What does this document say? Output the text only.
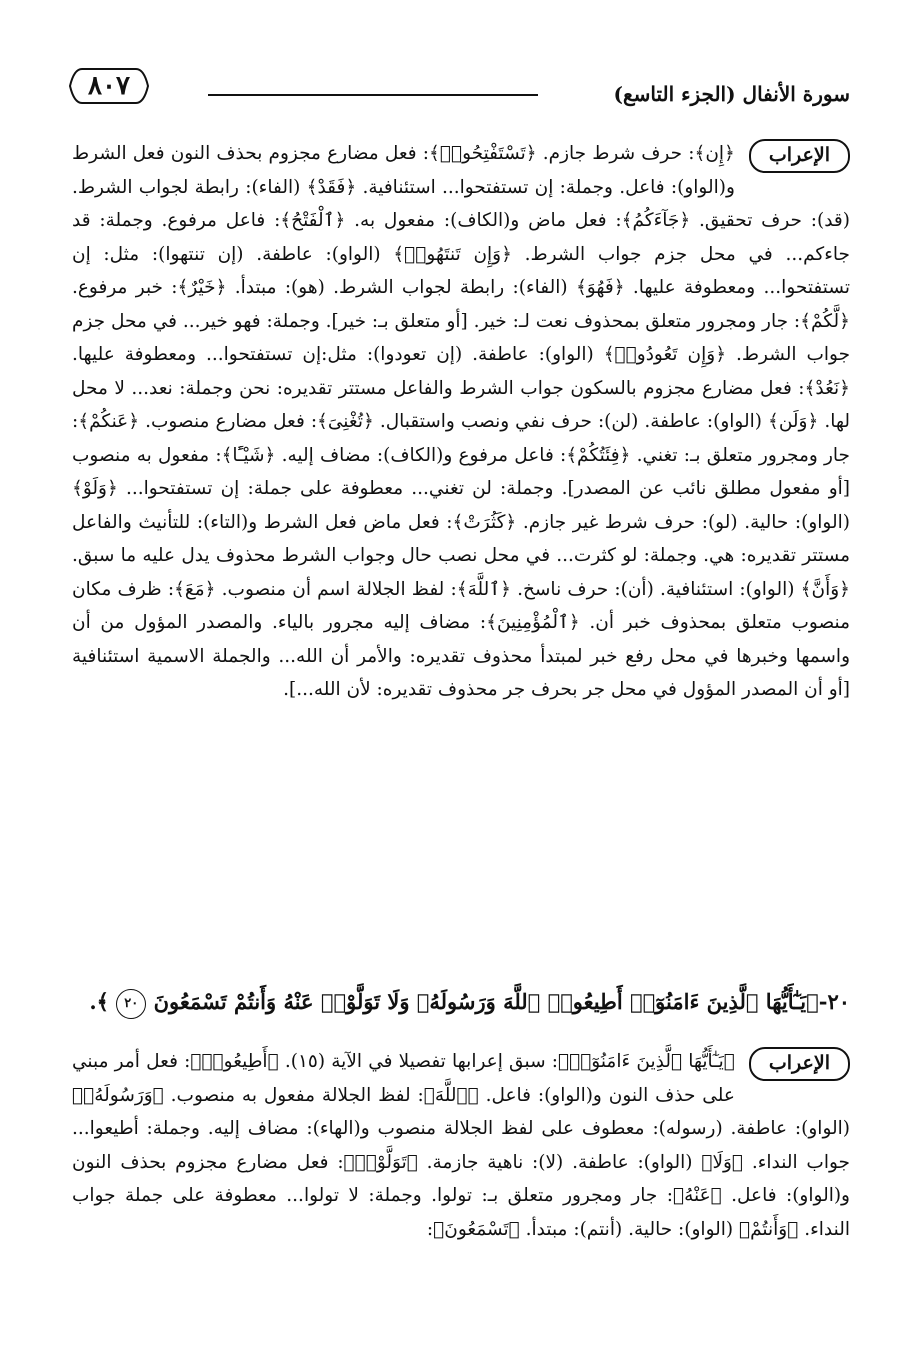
٨٠٧	سورة الأنفال (الجزء التاسع)
الإعراب
﴿إِن﴾: حرف شرط جازم. ﴿تَسْتَفْتِحُوا۟﴾: فعل مضارع مجزوم بحذف النون فعل الشرط و(الواو): فاعل. وجملة: إن تستفتحوا... استئنافية. ﴿فَقَدْ﴾ (الفاء): رابطة لجواب الشرط. (قد): حرف تحقيق. ﴿جَآءَكُمُ﴾: فعل ماض و(الكاف): مفعول به. ﴿ٱلْفَتْحُ﴾: فاعل مرفوع. وجملة: قد جاءكم... في محل جزم جواب الشرط. ﴿وَإِن تَنتَهُوا۟﴾ (الواو): عاطفة. (إن تنتهوا): مثل: إن تستفتحوا... ومعطوفة عليها. ﴿فَهُوَ﴾ (الفاء): رابطة لجواب الشرط. (هو): مبتدأ. ﴿خَيْرٌ﴾: خبر مرفوع. ﴿لَّكُمْ﴾: جار ومجرور متعلق بمحذوف نعت لـ: خير. [أو متعلق بـ: خير]. وجملة: فهو خير... في محل جزم جواب الشرط. ﴿وَإِن تَعُودُوا۟﴾ (الواو): عاطفة. (إن تعودوا): مثل:إن تستفتحوا... ومعطوفة عليها. ﴿نَعُدْ﴾: فعل مضارع مجزوم بالسكون جواب الشرط والفاعل مستتر تقديره: نحن وجملة: نعد... لا محل لها. ﴿وَلَن﴾ (الواو): عاطفة. (لن): حرف نفي ونصب واستقبال. ﴿تُغْنِىَ﴾: فعل مضارع منصوب. ﴿عَنكُمْ﴾: جار ومجرور متعلق بـ: تغني. ﴿فِئَتُكُمْ﴾: فاعل مرفوع و(الكاف): مضاف إليه. ﴿شَيْـًٔا﴾: مفعول به منصوب [أو مفعول مطلق نائب عن المصدر]. وجملة: لن تغني... معطوفة على جملة: إن تستفتحوا... ﴿وَلَوْ﴾ (الواو): حالية. (لو): حرف شرط غير جازم. ﴿كَثُرَتْ﴾: فعل ماض فعل الشرط و(التاء): للتأنيث والفاعل مستتر تقديره: هي. وجملة: لو كثرت... في محل نصب حال وجواب الشرط محذوف يدل عليه ما سبق. ﴿وَأَنَّ﴾ (الواو): استئنافية. (أن): حرف ناسخ. ﴿ٱللَّهَ﴾: لفظ الجلالة اسم أن منصوب. ﴿مَعَ﴾: ظرف مكان منصوب متعلق بمحذوف خبر أن. ﴿ٱلْمُؤْمِنِينَ﴾: مضاف إليه مجرور بالياء. والمصدر المؤول من أن واسمها وخبرها في محل رفع خبر لمبتدأ محذوف تقديره: والأمر أن الله... والجملة الاسمية استئنافية [أو أن المصدر المؤول في محل جر بحرف جر محذوف تقديره: لأن الله...].
٢٠-﴿يَـٰٓأَيُّهَا ٱلَّذِينَ ءَامَنُوٓا۟ أَطِيعُوا۟ ٱللَّهَ وَرَسُولَهُۥ وَلَا تَوَلَّوْا۟ عَنْهُ وَأَنتُمْ تَسْمَعُونَ ٢٠ ﴾.
الإعراب
﴿يَـٰٓأَيُّهَا ٱلَّذِينَ ءَامَنُوٓا۟﴾: سبق إعرابها تفصيلا في الآية (١٥). ﴿أَطِيعُوا۟﴾: فعل أمر مبني على حذف النون و(الواو): فاعل. ﴿ٱللَّهَ﴾: لفظ الجلالة مفعول به منصوب. ﴿وَرَسُولَهُۥ﴾ (الواو): عاطفة. (رسوله): معطوف على لفظ الجلالة منصوب و(الهاء): مضاف إليه. وجملة: أطيعوا... جواب النداء. ﴿وَلَا﴾ (الواو): عاطفة. (لا): ناهية جازمة. ﴿تَوَلَّوْا۟﴾: فعل مضارع مجزوم بحذف النون و(الواو): فاعل. ﴿عَنْهُ﴾: جار ومجرور متعلق بـ: تولوا. وجملة: لا تولوا... معطوفة على جملة جواب النداء. ﴿وَأَنتُمْ﴾ (الواو): حالية. (أنتم): مبتدأ. ﴿تَسْمَعُونَ﴾:
